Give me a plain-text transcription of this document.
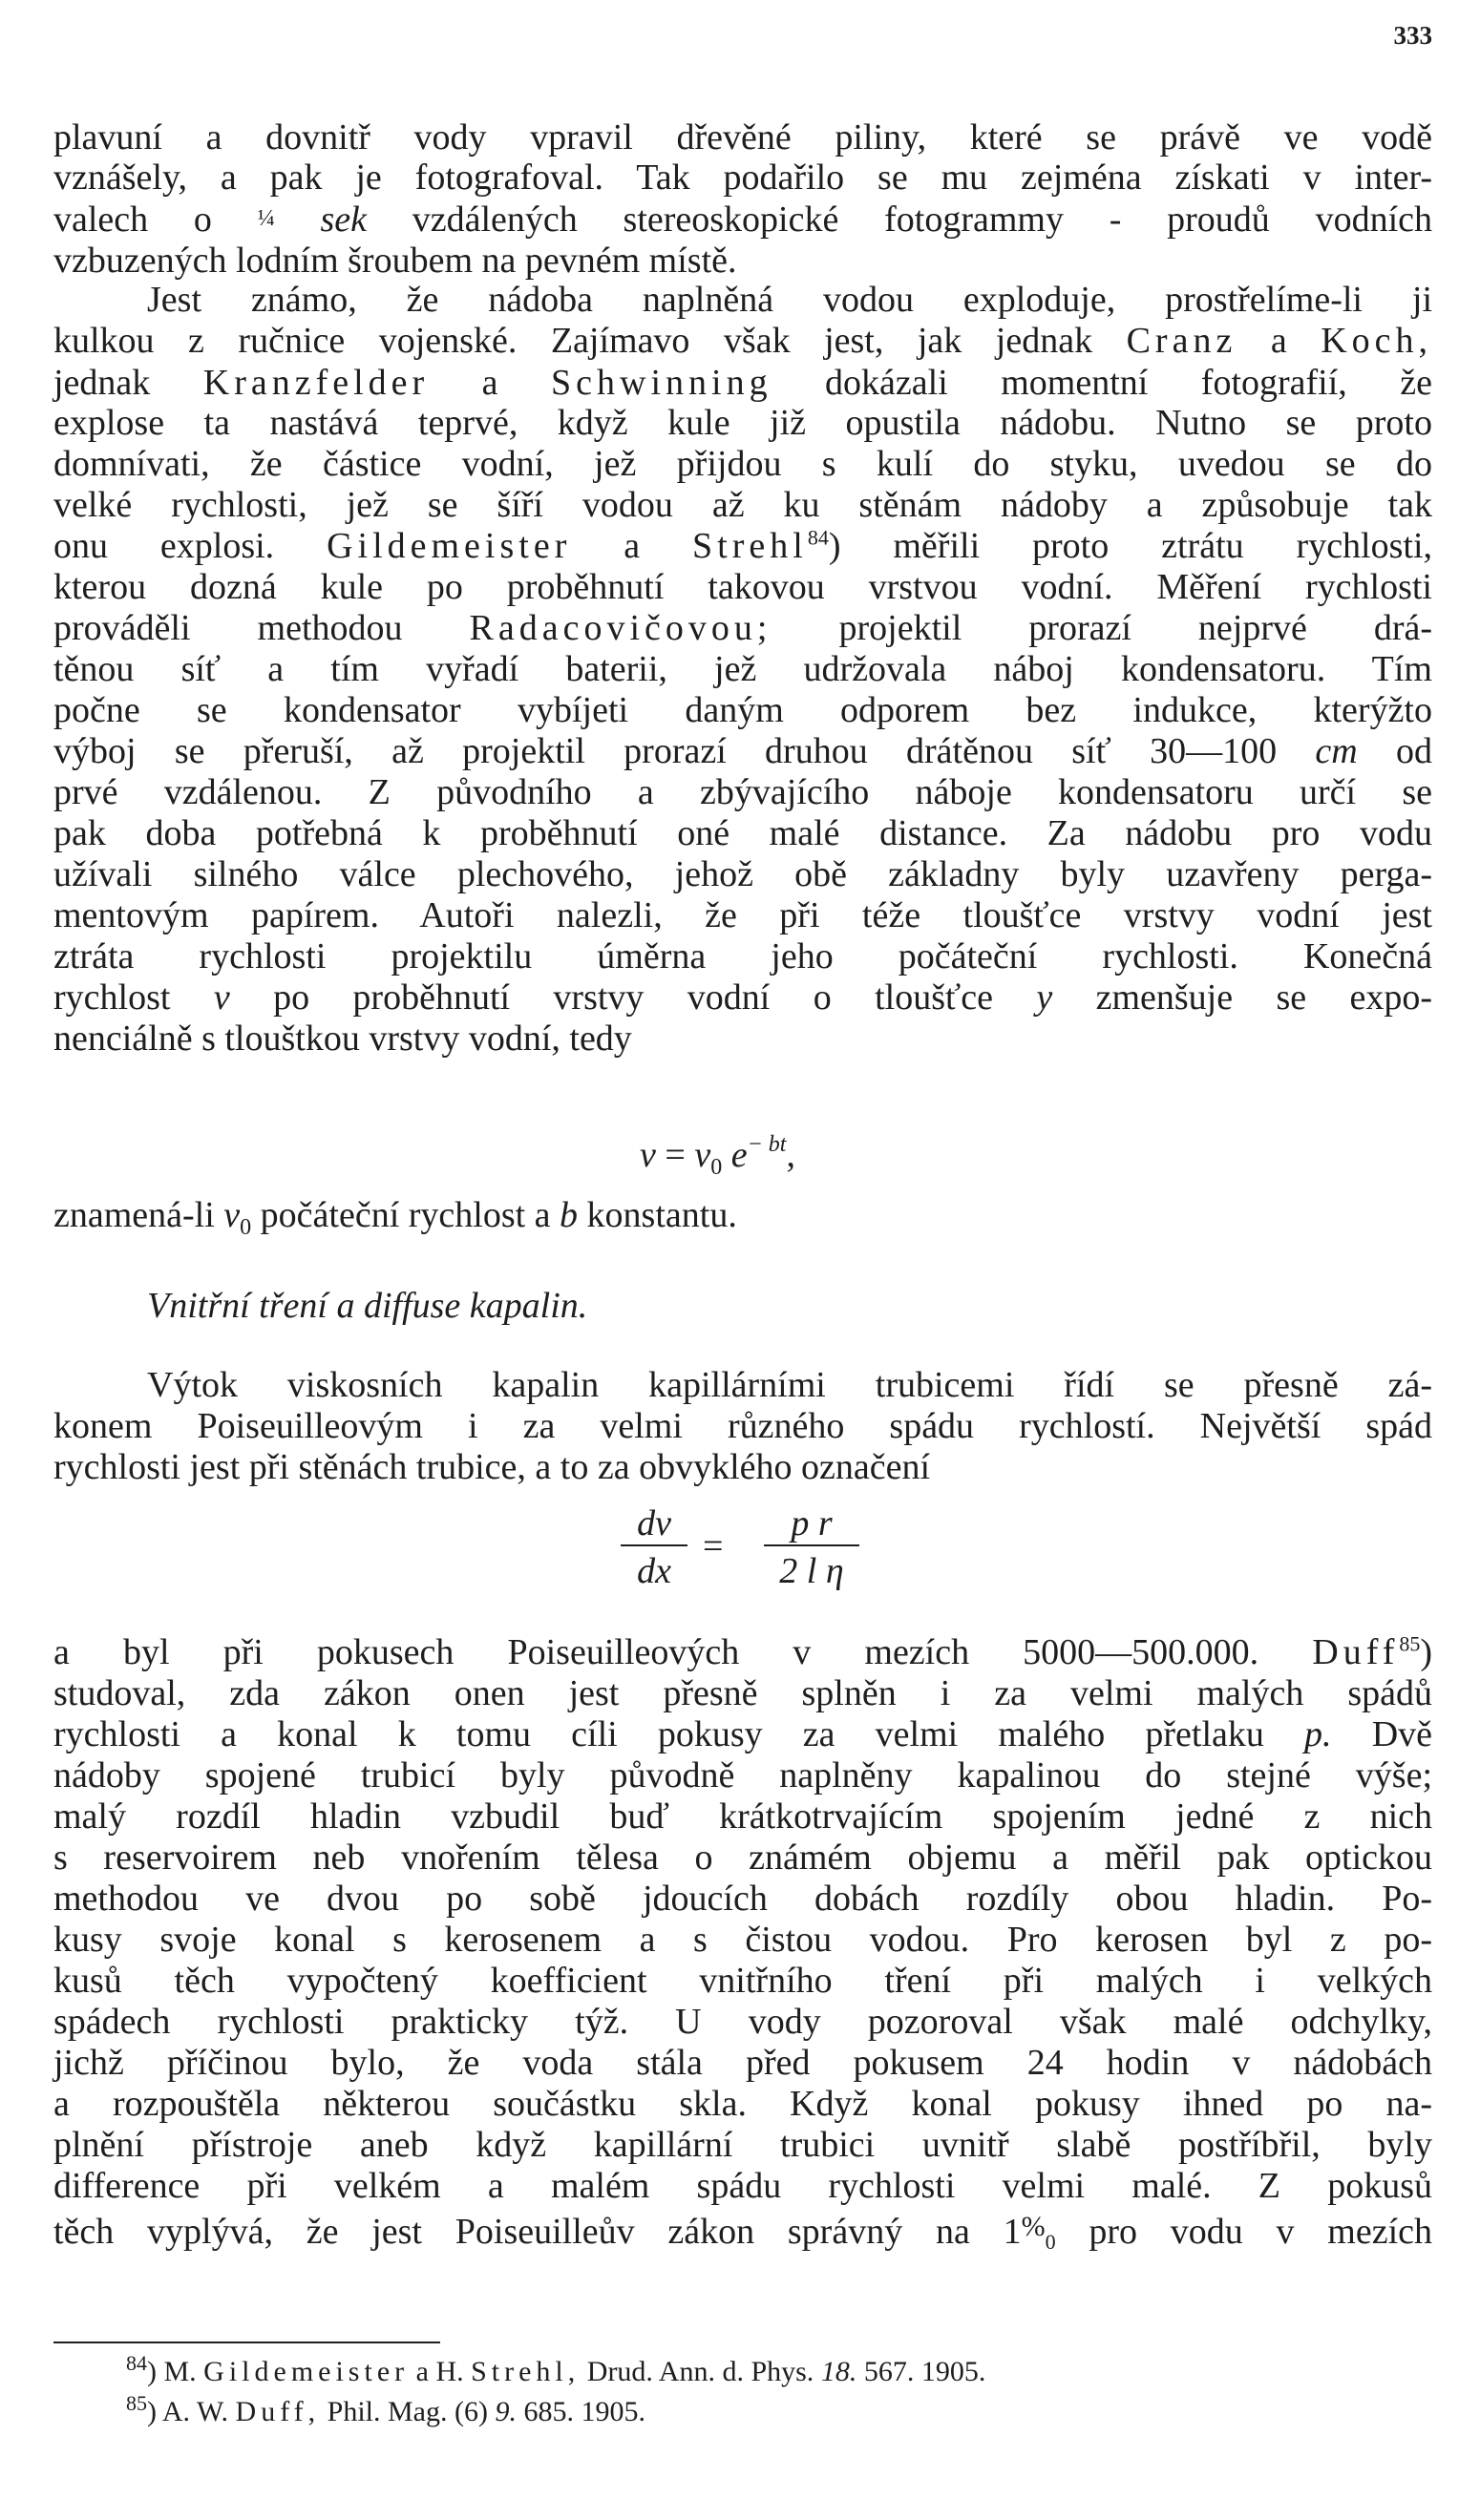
333
plavuní a dovnitř vody vpravil dřevěné piliny, které se právě ve vodě
vznášely, a pak je fotografoval. Tak podařilo se mu zejména získati v inter-
valech o ¼ sek vzdálených stereoskopické fotogrammy - proudů vodních
vzbuzených lodním šroubem na pevném místě.
Jest známo, že nádoba naplněná vodou exploduje, prostřelíme-li ji
kulkou z ručnice vojenské. Zajímavo však jest, jak jednak Cranz a Koch,
jednak Kranzfelder a Schwinning dokázali momentní fotografií, že
explose ta nastává teprvé, když kule již opustila nádobu. Nutno se proto
domnívati, že částice vodní, jež přijdou s kulí do styku, uvedou se do
velké rychlosti, jež se šíří vodou až ku stěnám nádoby a způsobuje tak
onu explosi. Gildemeister a Strehl$^{84}$) měřili proto ztrátu rychlosti,
kterou dozná kule po proběhnutí takovou vrstvou vodní. Měření rychlosti
prováděli methodou Radacovičovou; projektil prorazí nejprvé drá-
těnou síť a tím vyřadí baterii, jež udržovala náboj kondensatoru. Tím
počne se kondensator vybíjeti daným odporem bez indukce, kterýžto
výboj se přeruší, až projektil prorazí druhou drátěnou síť 30—100 cm od
prvé vzdálenou. Z původního a zbývajícího náboje kondensatoru určí se
pak doba potřebná k proběhnutí oné malé distance. Za nádobu pro vodu
užívali silného válce plechového, jehož obě základny byly uzavřeny perga-
mentovým papírem. Autoři nalezli, že při téže tloušťce vrstvy vodní jest
ztráta rychlosti projektilu úměrna jeho počáteční rychlosti. Konečná
rychlost v po proběhnutí vrstvy vodní o tloušťce y zmenšuje se expo-
nenciálně s tlouštkou vrstvy vodní, tedy
$v = v_0$ $e^{- bt}$,
znamená-li $v_0$ počáteční rychlost a b konstantu.
Vnitřní tření a diffuse kapalin.
Výtok viskosních kapalin kapillárními trubicemi řídí se přesně zá-
konem Poiseuilleovým i za velmi různého spádu rychlostí. Největší spád
rychlosti jest při stěnách trubice, a to za obvyklého označení
dv
dx
=
p r
2 l η
a byl při pokusech Poiseuilleových v mezích 5000—500.000. Duff$^{85}$)
studoval, zda zákon onen jest přesně splněn i za velmi malých spádů
rychlosti a konal k tomu cíli pokusy za velmi malého přetlaku p. Dvě
nádoby spojené trubicí byly původně naplněny kapalinou do stejné výše;
malý rozdíl hladin vzbudil buď krátkotrvajícím spojením jedné z nich
s reservoirem neb vnořením tělesa o známém objemu a měřil pak optickou
methodou ve dvou po sobě jdoucích dobách rozdíly obou hladin. Po-
kusy svoje konal s kerosenem a s čistou vodou. Pro kerosen byl z po-
kusů těch vypočtený koefficient vnitřního tření při malých i velkých
spádech rychlosti prakticky týž. U vody pozoroval však malé odchylky,
jichž příčinou bylo, že voda stála před pokusem 24 hodin v nádobách
a rozpouštěla některou součástku skla. Když konal pokusy ihned po na-
plnění přístroje aneb když kapillární trubici uvnitř slabě postříbřil, byly
difference při velkém a malém spádu rychlosti velmi malé. Z pokusů
těch vyplývá, že jest Poiseuilleův zákon správný na 1%0 pro vodu v mezích
$^{84}$) M. Gildemeister a H. Strehl, Drud. Ann. d. Phys. 18. 567. 1905.
$^{85}$) A. W. Duff, Phil. Mag. (6) 9. 685. 1905.
